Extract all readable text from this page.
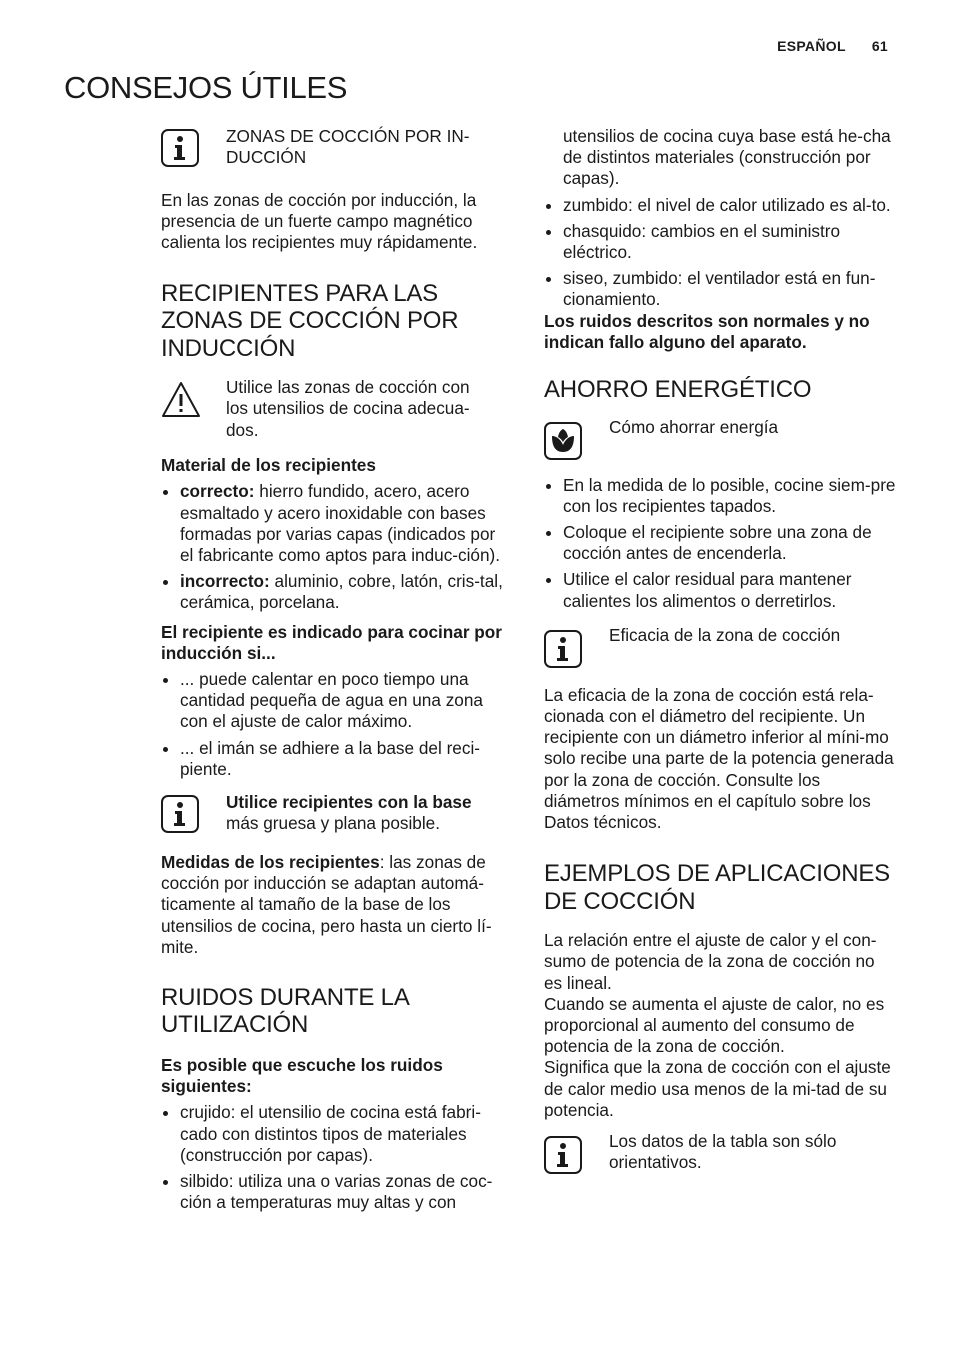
ESPAÑOL 61
CONSEJOS ÚTILES

ZONAS DE COCCIÓN POR IN-DUCCIÓN

En las zonas de cocción por inducción, la presencia de un fuerte campo magnético calienta los recipientes muy rápidamente.

RECIPIENTES PARA LAS ZONAS DE COCCIÓN POR INDUCCIÓN

Utilice las zonas de cocción con los utensilios de cocina adecua-dos.

Material de los recipientes

correcto: hierro fundido, acero, acero esmaltado y acero inoxidable con bases formadas por varias capas (indicados por el fabricante como aptos para induc-ción).
incorrecto: aluminio, cobre, latón, cris-tal, cerámica, porcelana.

El recipiente es indicado para cocinar por inducción si...

... puede calentar en poco tiempo una cantidad pequeña de agua en una zona con el ajuste de calor máximo.
... el imán se adhiere a la base del reci-piente.

Utilice recipientes con la base
más gruesa y plana posible.

Medidas de los recipientes: las zonas de cocción por inducción se adaptan automá-ticamente al tamaño de la base de los utensilios de cocina, pero hasta un cierto lí-mite.

RUIDOS DURANTE LA UTILIZACIÓN

Es posible que escuche los ruidos siguientes:

crujido: el utensilio de cocina está fabri-cado con distintos tipos de materiales (construcción por capas).
silbido: utiliza una o varias zonas de coc-ción a temperaturas muy altas y con

utensilios de cocina cuya base está he-cha de distintos materiales (construcción por capas).

zumbido: el nivel de calor utilizado es al-to.
chasquido: cambios en el suministro eléctrico.
siseo, zumbido: el ventilador está en fun-cionamiento.

Los ruidos descritos son normales y no indican fallo alguno del aparato.

AHORRO ENERGÉTICO

Cómo ahorrar energía

En la medida de lo posible, cocine siem-pre con los recipientes tapados.
Coloque el recipiente sobre una zona de cocción antes de encenderla.
Utilice el calor residual para mantener calientes los alimentos o derretirlos.

Eficacia de la zona de cocción

La eficacia de la zona de cocción está rela-cionada con el diámetro del recipiente. Un recipiente con un diámetro inferior al míni-mo solo recibe una parte de la potencia generada por la zona de cocción. Consulte los diámetros mínimos en el capítulo sobre los Datos técnicos.

EJEMPLOS DE APLICACIONES DE COCCIÓN

La relación entre el ajuste de calor y el con-sumo de potencia de la zona de cocción no es lineal.

Cuando se aumenta el ajuste de calor, no es proporcional al aumento del consumo de potencia de la zona de cocción.

Significa que la zona de cocción con el ajuste de calor medio usa menos de la mi-tad de su potencia.

Los datos de la tabla son sólo orientativos.
